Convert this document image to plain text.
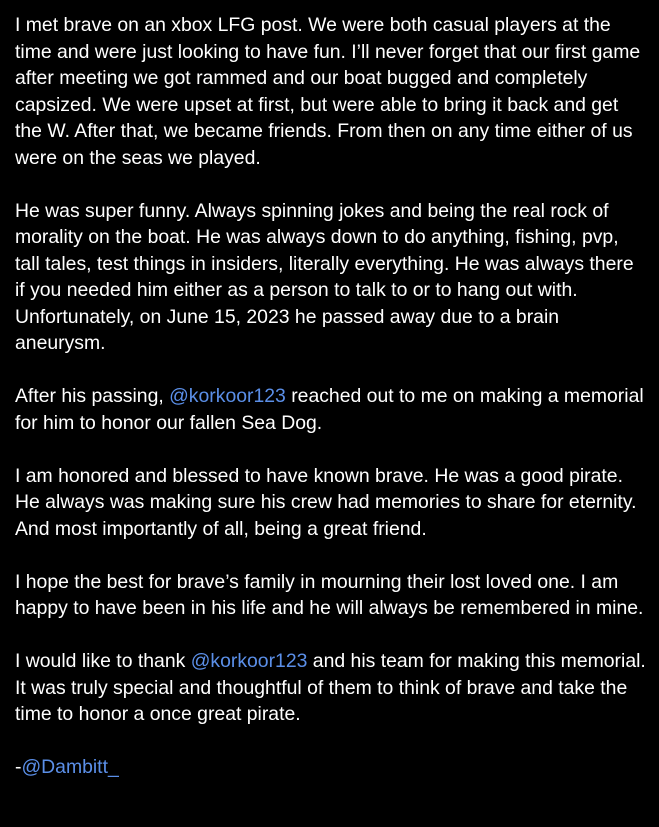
I met brave on an xbox LFG post. We were both casual players at the time and were just looking to have fun. I’ll never forget that our first game after meeting we got rammed and our boat bugged and completely capsized. We were upset at first, but were able to bring it back and get the W. After that, we became friends. From then on any time either of us were on the seas we played.

He was super funny. Always spinning jokes and being the real rock of morality on the boat. He was always down to do anything, fishing, pvp, tall tales, test things in insiders, literally everything. He was always there if you needed him either as a person to talk to or to hang out with. Unfortunately, on June 15, 2023 he passed away due to a brain aneurysm.

After his passing, @korkoor123 reached out to me on making a memorial for him to honor our fallen Sea Dog.

I am honored and blessed to have known brave. He was a good pirate. He always was making sure his crew had memories to share for eternity. And most importantly of all, being a great friend.

I hope the best for brave’s family in mourning their lost loved one. I am happy to have been in his life and he will always be remembered in mine.

I would like to thank @korkoor123 and his team for making this memorial. It was truly special and thoughtful of them to think of brave and take the time to honor a once great pirate.

-@Dambitt_
